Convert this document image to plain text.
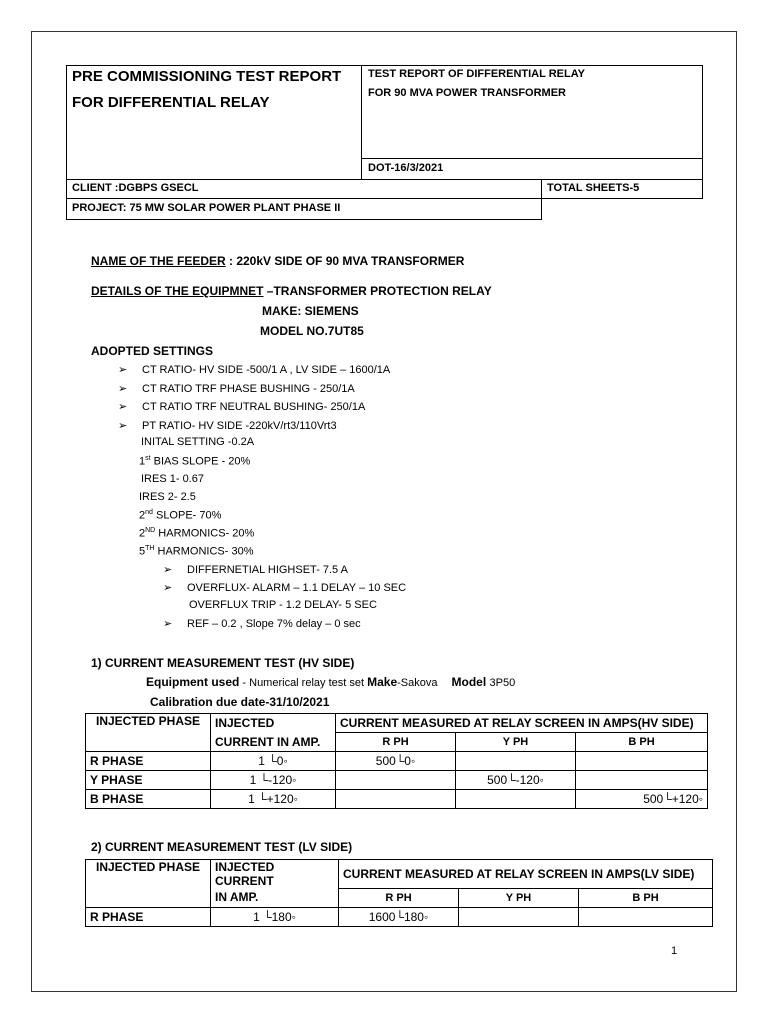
PRE COMMISSIONING TEST REPORT
FOR DIFFERENTIAL RELAY
TEST REPORT OF DIFFERENTIAL RELAY
FOR 90 MVA POWER TRANSFORMER
DOT-16/3/2021
CLIENT :DGBPS GSECL	TOTAL SHEETS-5
PROJECT: 75 MW SOLAR POWER PLANT PHASE II
NAME OF THE FEEDER : 220kV SIDE OF 90 MVA TRANSFORMER
DETAILS OF THE EQUIPMNET –TRANSFORMER PROTECTION RELAY
MAKE: SIEMENS
MODEL NO.7UT85
ADOPTED SETTINGS
➢ CT RATIO- HV SIDE -500/1 A , LV SIDE – 1600/1A
➢ CT RATIO TRF PHASE BUSHING - 250/1A
➢ CT RATIO TRF NEUTRAL BUSHING- 250/1A
➢ PT RATIO- HV SIDE -220kV/rt3/110Vrt3
INITAL SETTING -0.2A
1st BIAS SLOPE - 20%
IRES 1- 0.67
IRES 2- 2.5
2nd SLOPE- 70%
2ND HARMONICS- 20%
5TH HARMONICS- 30%
➢ DIFFERNETIAL HIGHSET- 7.5 A
➢ OVERFLUX- ALARM – 1.1 DELAY – 10 SEC
OVERFLUX TRIP - 1.2 DELAY- 5 SEC
➢ REF – 0.2 , Slope 7% delay – 0 sec
1) CURRENT MEASUREMENT TEST (HV SIDE)
Equipment used - Numerical relay test set Make-Sakova Model 3P50
Calibration due date-31/10/2021
INJECTED PHASE	INJECTED	CURRENT MEASURED AT RELAY SCREEN IN AMPS(HV SIDE)		
	CURRENT IN AMP.	R PH	Y PH	B PH
R PHASE	1 └0◦	500└0◦		
Y PHASE	1 └-120◦		500└-120◦	
B PHASE	1 └+120◦			500└+120◦
2) CURRENT MEASUREMENT TEST (LV SIDE)
INJECTED PHASE	INJECTED CURRENT	CURRENT MEASURED AT RELAY SCREEN IN AMPS(LV SIDE)		
	IN AMP.	R PH	Y PH	B PH
R PHASE	1 └180◦	1600└180◦		
1
